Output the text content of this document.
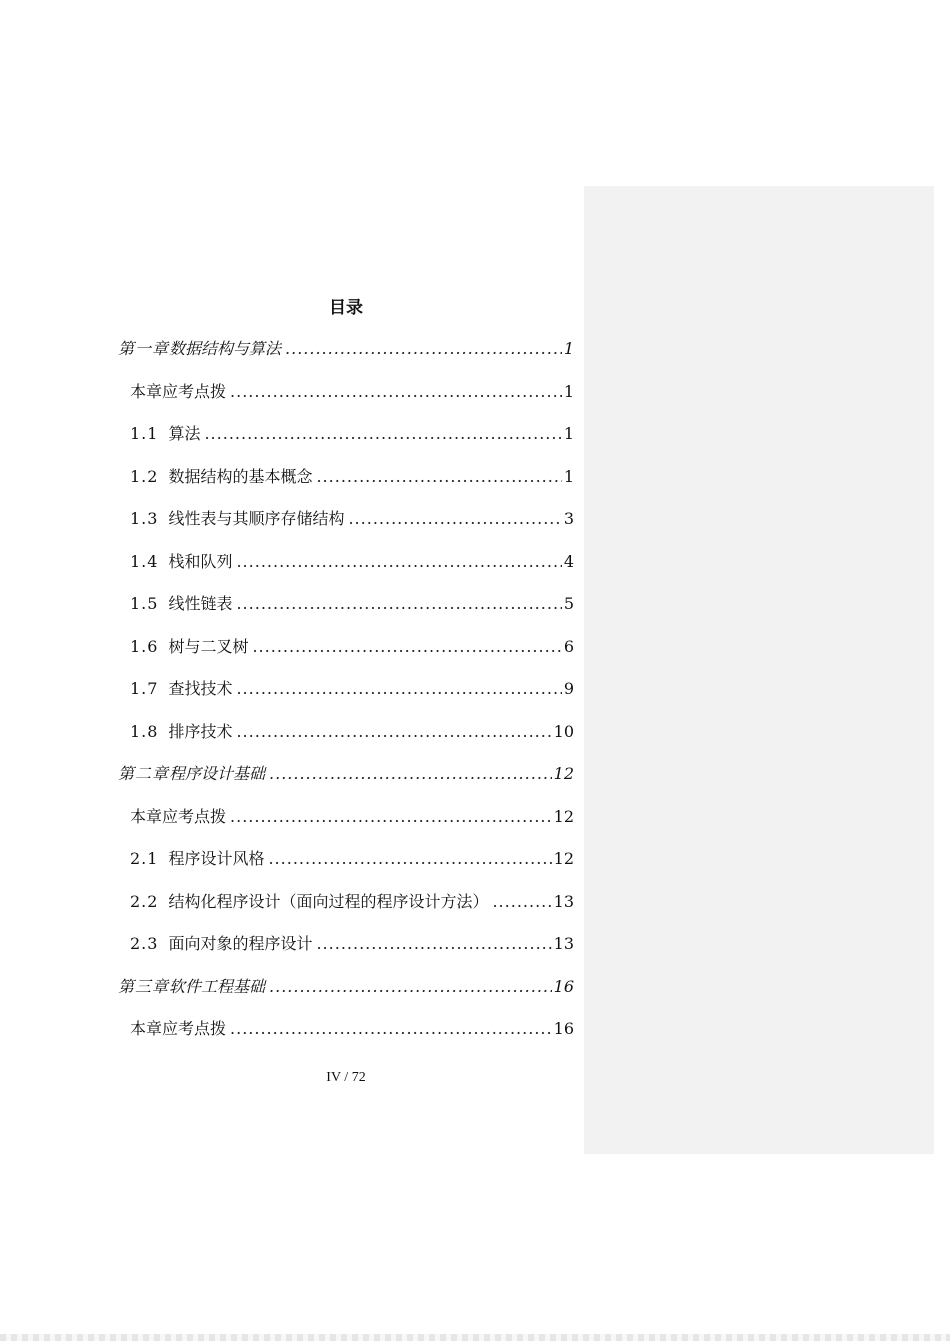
目录
第一章 数据结构与算法 .....	1
本章应考点拨 .....	1
1.1 算法 .....	1
1.2 数据结构的基本概念 .....	1
1.3 线性表与其顺序存储结构 .....	3
1.4 栈和队列 .....	4
1.5 线性链表 .....	5
1.6 树与二叉树 .....	6
1.7 查找技术 .....	9
1.8 排序技术 .....	10
第二章 程序设计基础 .....	12
本章应考点拨 .....	12
2.1 程序设计风格 .....	12
2.2 结构化程序设计（面向过程的程序设计方法） .....	13
2.3 面向对象的程序设计 .....	13
第三章 软件工程基础 .....	16
本章应考点拨 .....	16
IV / 72
